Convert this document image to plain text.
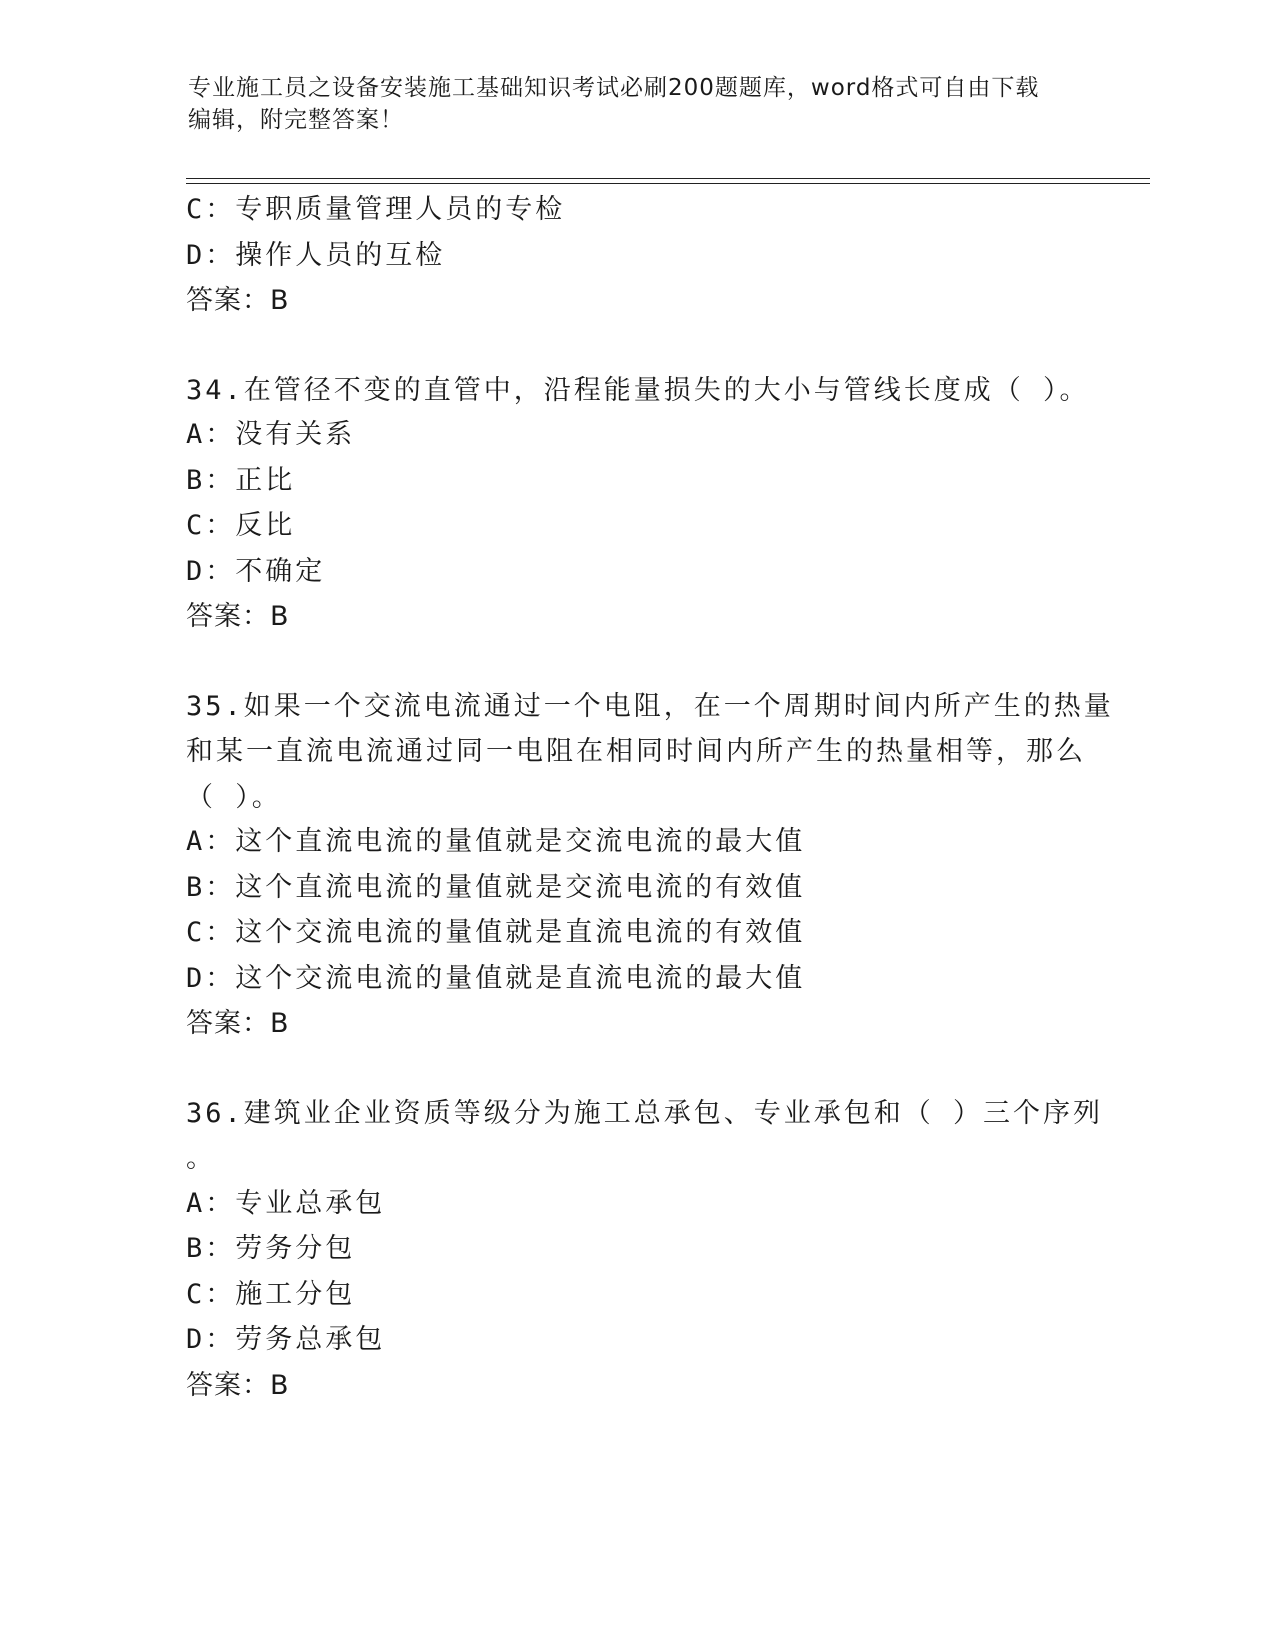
专业施工员之设备安装施工基础知识考试必刷200题题库，word格式可自由下载
编辑，附完整答案！
C：专职质量管理人员的专检
D：操作人员的互检
答案：B
34.在管径不变的直管中，沿程能量损失的大小与管线长度成（ ）。
A：没有关系
B：正比
C：反比
D：不确定
答案：B
35.如果一个交流电流通过一个电阻，在一个周期时间内所产生的热量
和某一直流电流通过同一电阻在相同时间内所产生的热量相等，那么
（ ）。
A：这个直流电流的量值就是交流电流的最大值
B：这个直流电流的量值就是交流电流的有效值
C：这个交流电流的量值就是直流电流的有效值
D：这个交流电流的量值就是直流电流的最大值
答案：B
36.建筑业企业资质等级分为施工总承包、专业承包和（ ）三个序列
。
A：专业总承包
B：劳务分包
C：施工分包
D：劳务总承包
答案：B
